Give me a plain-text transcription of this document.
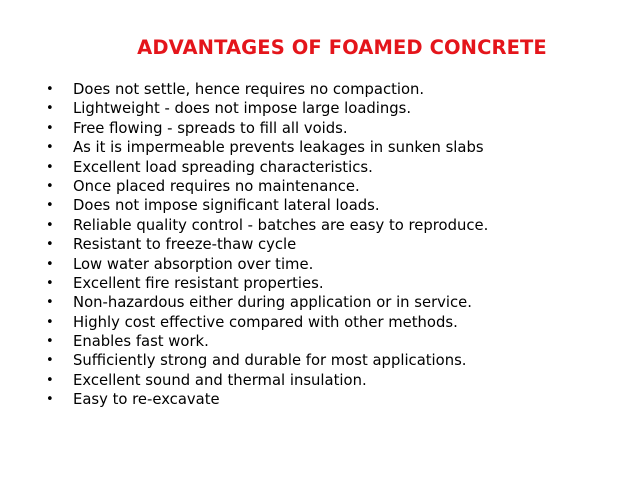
ADVANTAGES OF FOAMED CONCRETE
•	Does not settle, hence requires no compaction.
•	Lightweight - does not impose large loadings.
•	Free flowing - spreads to fill all voids.
•	As it is impermeable prevents leakages in sunken slabs
•	Excellent load spreading characteristics.
•	Once placed requires no maintenance.
•	Does not impose significant lateral loads.
•	Reliable quality control - batches are easy to reproduce.
•	Resistant to freeze-thaw cycle
•	Low water absorption over time.
•	Excellent fire resistant properties.
•	Non-hazardous either during application or in service.
•	Highly cost effective compared with other methods.
•	Enables fast work.
•	Sufficiently strong and durable for most applications.
•	Excellent sound and thermal insulation.
•	Easy to re-excavate
